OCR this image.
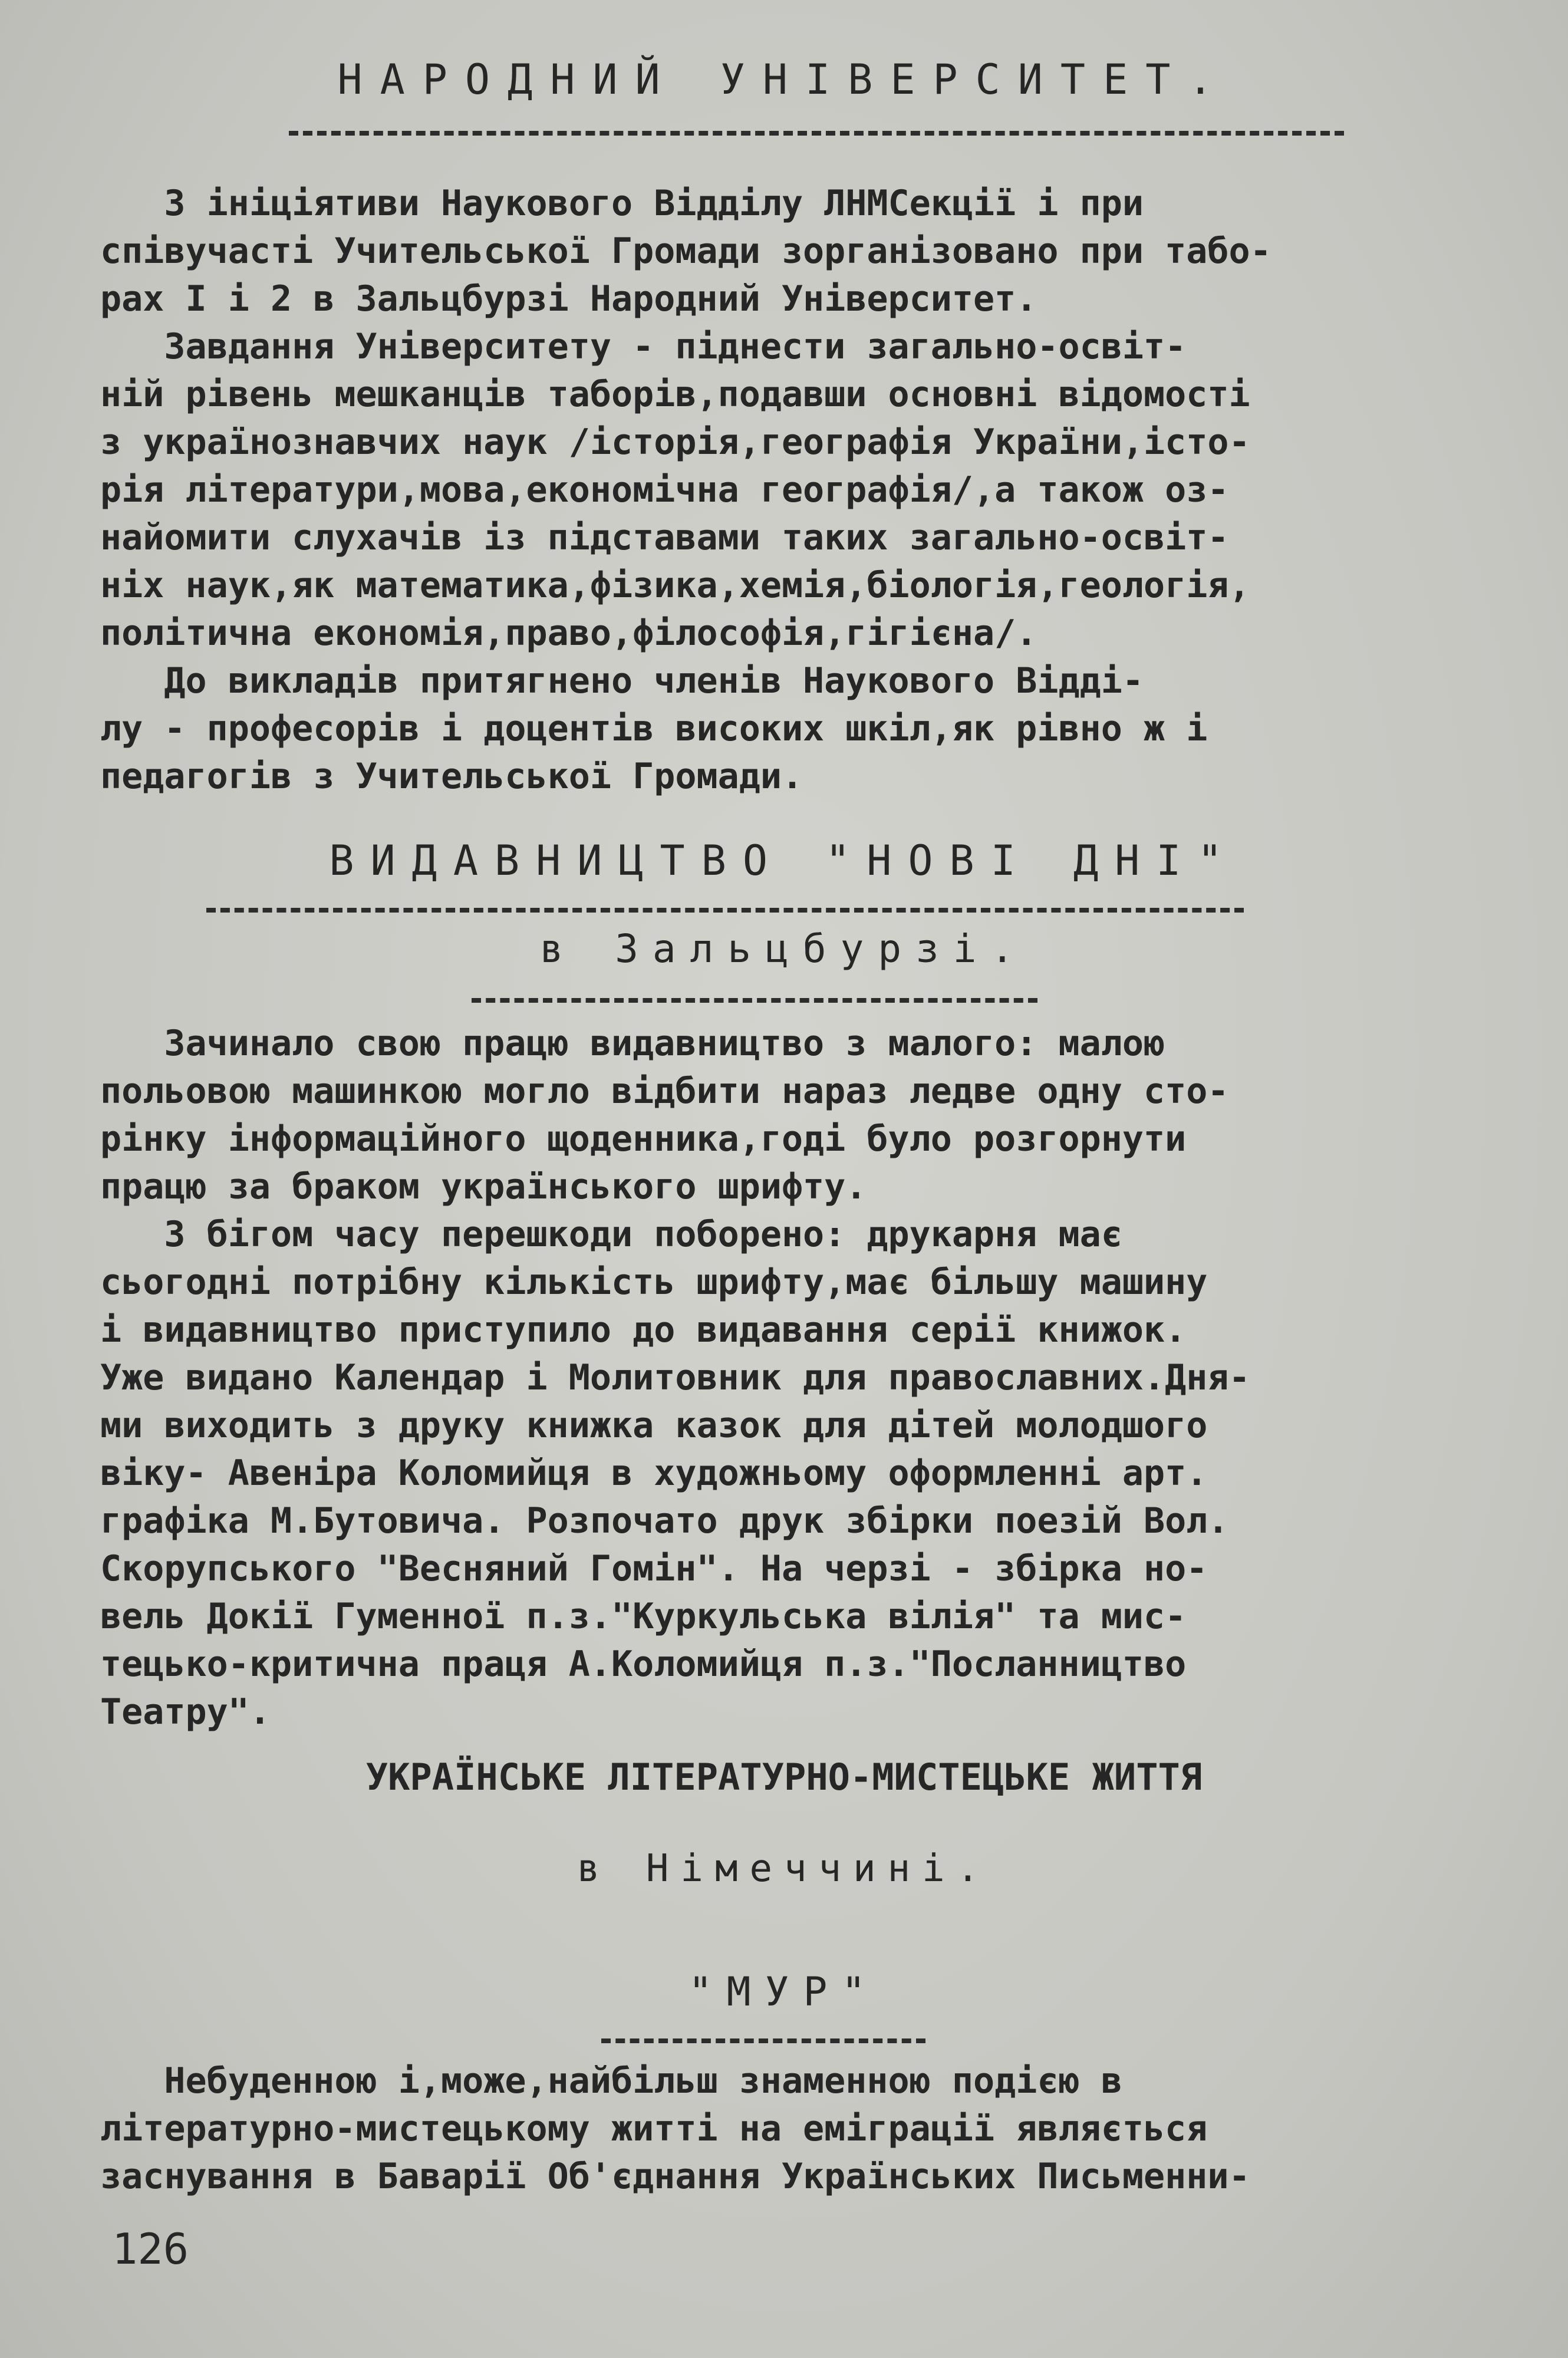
НАРОДНИЙ УНІВЕРСИТЕТ.
З ініціятиви Наукового Відділу ЛНМСекції і при
співучасті Учительської Громади зорганізовано при табо-
рах I і 2 в Зальцбурзі Народний Університет.
Завдання Університету - піднести загально-освіт-
ній рівень мешканців таборів,подавши основні відомості
з українознавчих наук /історія,географія України,істо-
рія літератури,мова,економічна географія/,а також оз-
найомити слухачів із підставами таких загально-освіт-
ніх наук,як математика,фізика,хемія,біологія,геологія,
політична економія,право,філософія,гігієна/.
До викладів притягнено членів Наукового Відді-
лу - професорів і доцентів високих шкіл,як рівно ж і
педагогів з Учительської Громади.
ВИДАВНИЦТВО "НОВІ ДНІ"
в Зальцбурзі.
Зачинало свою працю видавництво з малого: малою
польовою машинкою могло відбити нараз ледве одну сто-
рінку інформаційного щоденника,годі було розгорнути
працю за браком українського шрифту.
З бігом часу перешкоди поборено: друкарня має
сьогодні потрібну кількість шрифту,має більшу машину
і видавництво приступило до видавання серії книжок.
Уже видано Календар і Молитовник для православних.Дня-
ми виходить з друку книжка казок для дітей молодшого
віку- Авеніра Коломийця в художньому оформленні арт.
графіка М.Бутовича. Розпочато друк збірки поезій Вол.
Скорупського "Весняний Гомін". На черзі - збірка но-
вель Докії Гуменної п.з."Куркульська вілія" та мис-
тецько-критична праця А.Коломийця п.з."Посланництво
Театру".
УКРАЇНСЬКЕ ЛІТЕРАТУРНО-МИСТЕЦЬКЕ ЖИТТЯ
в Німеччині.
"МУР"
Небуденною і,може,найбільш знаменною подією в
літературно-мистецькому житті на еміграції являється
заснування в Баварії Об'єднання Українських Письменни-
126
